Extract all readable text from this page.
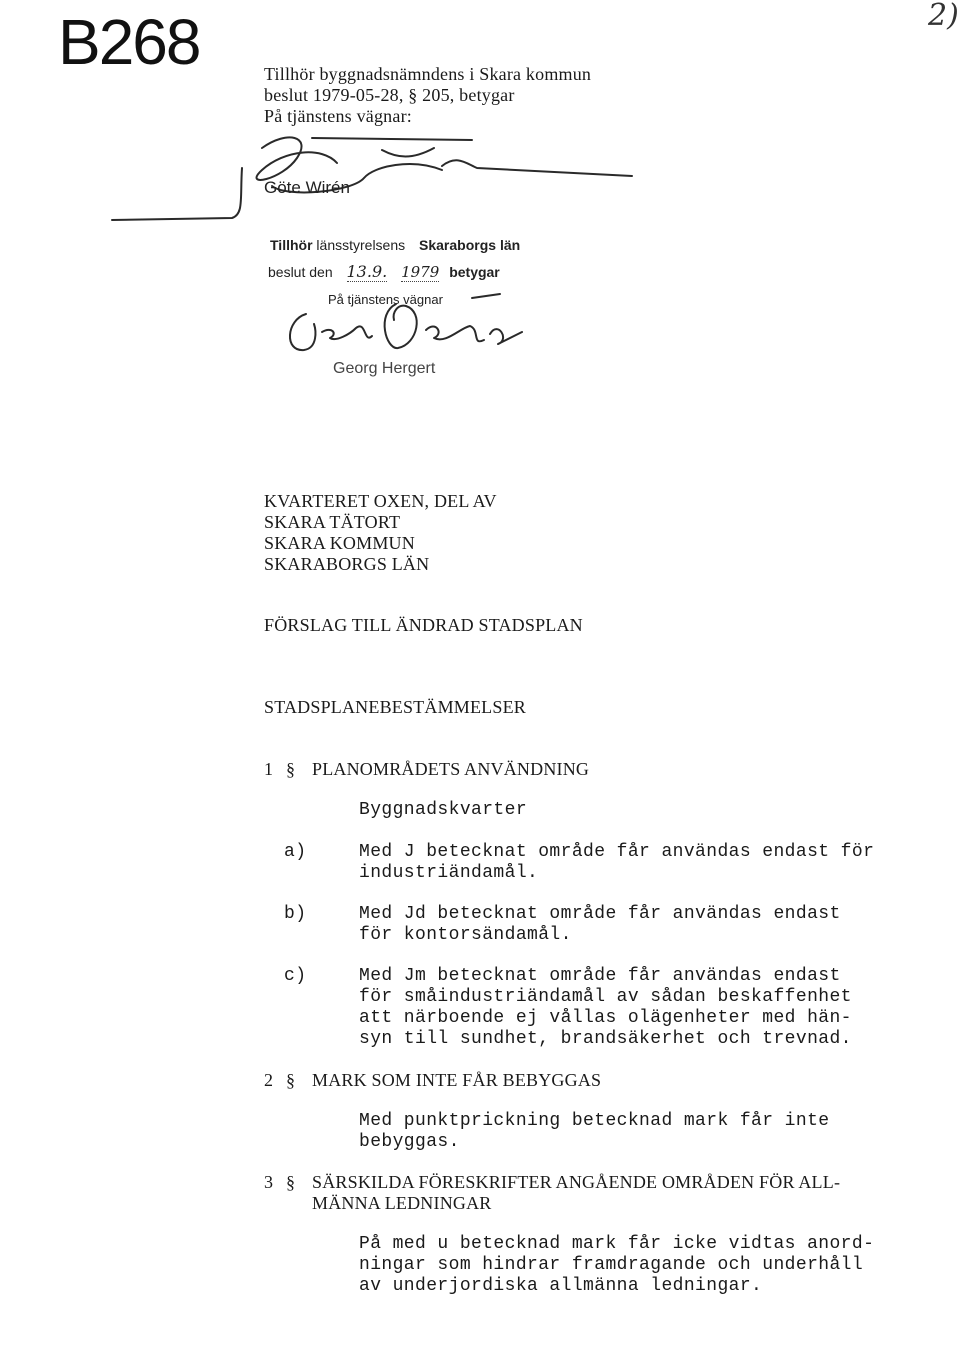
B268	2)
Tillhör byggnadsnämndens i Skara kommun
beslut 1979-05-28, § 205, betygar
På tjänstens vägnar:
Göte Wirén
Tillhör länsstyrelsens Skaraborgs län
beslut den 13.9. 1979 betygar
På tjänstens vägnar
Georg Hergert
KVARTERET OXEN, DEL AV
SKARA TÄTORT
SKARA KOMMUN
SKARABORGS LÄN
FÖRSLAG TILL ÄNDRAD STADSPLAN
STADSPLANEBESTÄMMELSER
1 § PLANOMRÅDETS ANVÄNDNING
Byggnadskvarter
a)	Med J betecknat område får användas endast för
industriändamål.
b)	Med Jd betecknat område får användas endast
för kontorsändamål.
c)	Med Jm betecknat område får användas endast
för småindustriändamål av sådan beskaffenhet
att närboende ej vållas olägenheter med hän-
syn till sundhet, brandsäkerhet och trevnad.
2 § MARK SOM INTE FÅR BEBYGGAS
Med punktprickning betecknad mark får inte
bebyggas.
3 § SÄRSKILDA FÖRESKRIFTER ANGÅENDE OMRÅDEN FÖR ALL-
MÄNNA LEDNINGAR
På med u betecknad mark får icke vidtas anord-
ningar som hindrar framdragande och underhåll
av underjordiska allmänna ledningar.
